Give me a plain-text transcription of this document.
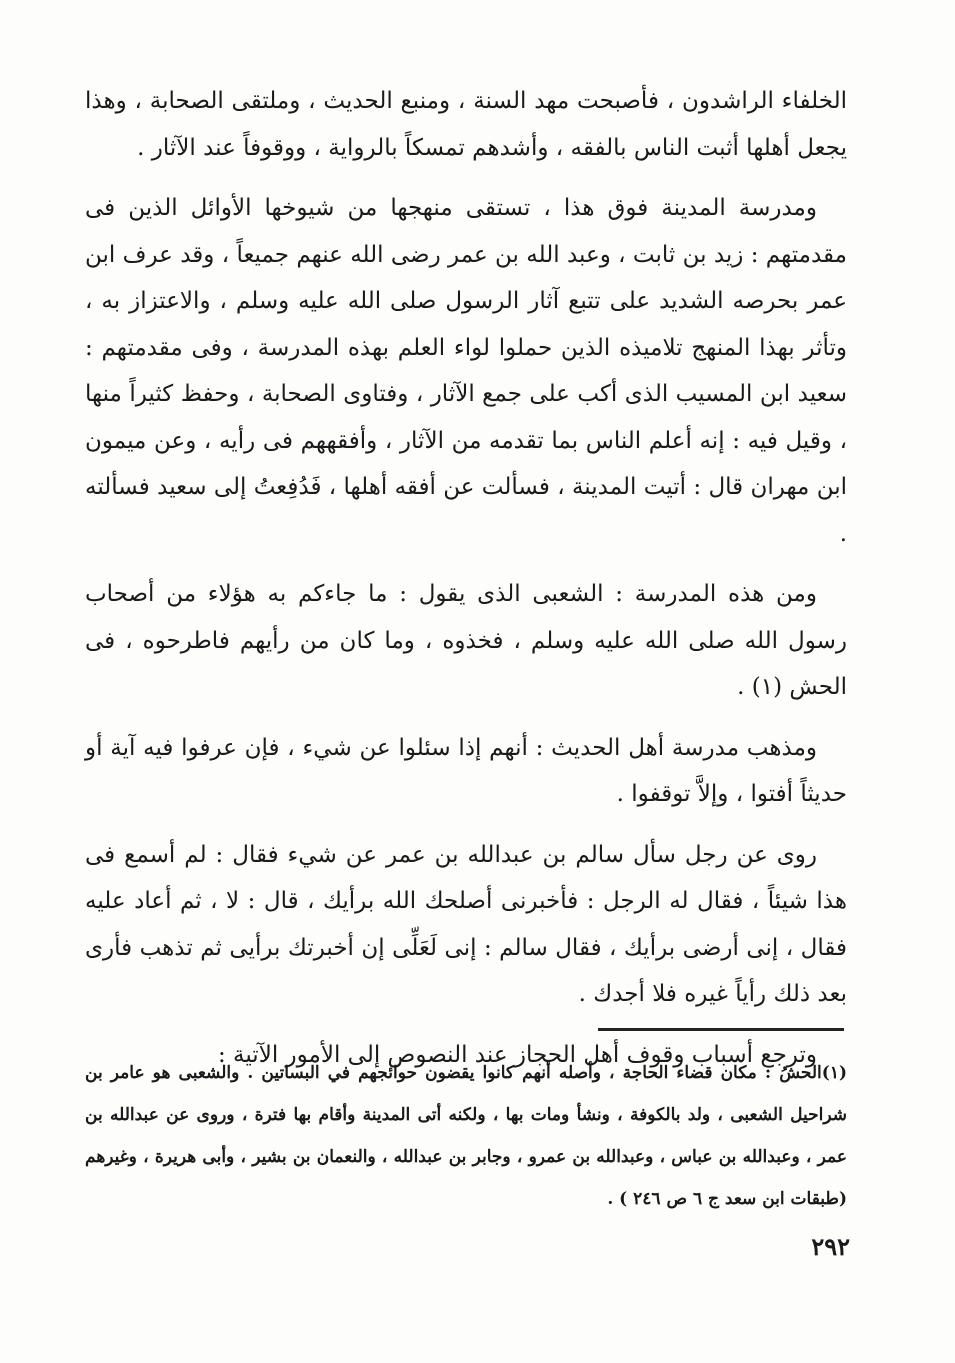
الخلفاء الراشدون ، فأصبحت مهد السنة ، ومنبع الحديث ، وملتقى الصحابة ، وهذا يجعل أهلها أثبت الناس بالفقه ، وأشدهم تمسكاً بالرواية ، ووقوفاً عند الآثار .

ومدرسة المدينة فوق هذا ، تستقى منهجها من شيوخها الأوائل الذين فى مقدمتهم : زيد بن ثابت ، وعبد الله بن عمر رضى الله عنهم جميعاً ، وقد عرف ابن عمر بحرصه الشديد على تتبع آثار الرسول صلى الله عليه وسلم ، والاعتزاز به ، وتأثر بهذا المنهج تلاميذه الذين حملوا لواء العلم بهذه المدرسة ، وفى مقدمتهم : سعيد ابن المسيب الذى أكب على جمع الآثار ، وفتاوى الصحابة ، وحفظ كثيراً منها ، وقيل فيه : إنه أعلم الناس بما تقدمه من الآثار ، وأفقههم فى رأيه ، وعن ميمون ابن مهران قال : أتيت المدينة ، فسألت عن أفقه أهلها ، فَدُفِعتُ إلى سعيد فسألته .

ومن هذه المدرسة : الشعبى الذى يقول : ما جاءكم به هؤلاء من أصحاب رسول الله صلى الله عليه وسلم ، فخذوه ، وما كان من رأيهم فاطرحوه ، فى الحش (١) .

ومذهب مدرسة أهل الحديث : أنهم إذا سئلوا عن شيء ، فإن عرفوا فيه آية أو حديثاً أفتوا ، وإلاَّ توقفوا .

روى عن رجل سأل سالم بن عبدالله بن عمر عن شيء فقال : لم أسمع فى هذا شيئاً ، فقال له الرجل : فأخبرنى أصلحك الله برأيك ، قال : لا ، ثم أعاد عليه فقال ، إنى أرضى برأيك ، فقال سالم : إنى لَعَلِّى إن أخبرتك برأيى ثم تذهب فأرى بعد ذلك رأياً غيره فلا أجدك .

وترجع أسباب وقوف أهل الحجاز عند النصوص إلى الأمور الآتية :

(١)الحشُ : مكان قضاء الحاجة ، وأصله أنهم كانوا يقضون حوائجهم في البساتين . والشعبى هو عامر بن شراحيل الشعبى ، ولد بالكوفة ، ونشأ ومات بها ، ولكنه أتى المدينة وأقام بها فترة ، وروى عن عبدالله بن عمر ، وعبدالله بن عباس ، وعبدالله بن عمرو ، وجابر بن عبدالله ، والنعمان بن بشير ، وأبى هريرة ، وغيرهم (طبقات ابن سعد ج ٦ ص ٢٤٦ ) .

٢٩٢
